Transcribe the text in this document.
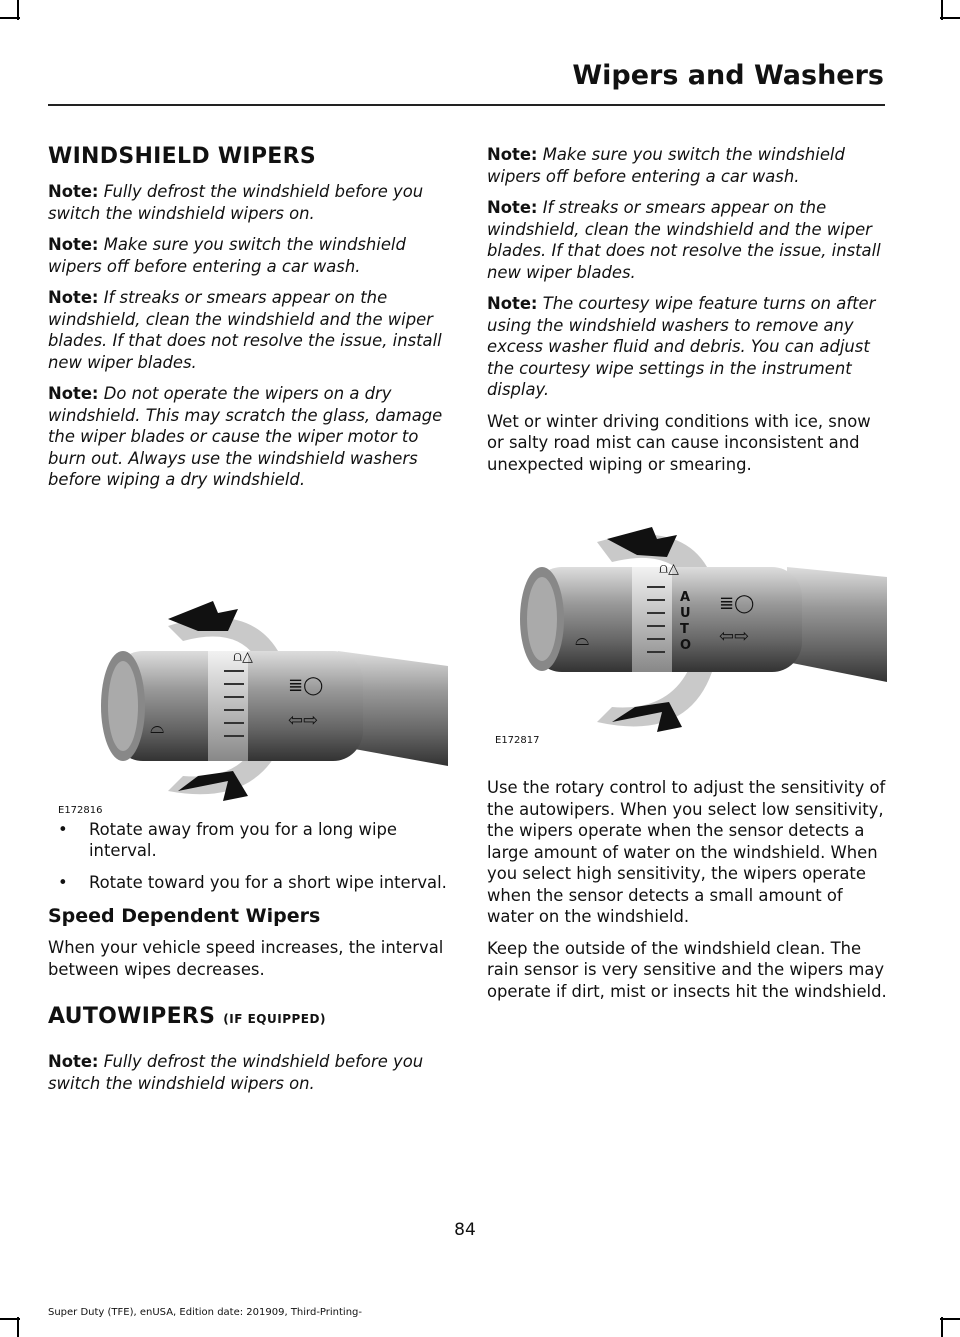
Wipers and Washers
WINDSHIELD WIPERS

Note: Fully defrost the windshield before you switch the windshield wipers on.

Note: Make sure you switch the windshield wipers off before entering a car wash.

Note: If streaks or smears appear on the windshield, clean the windshield and the wiper blades. If that does not resolve the issue, install new wiper blades.

Note: Do not operate the wipers on a dry windshield. This may scratch the glass, damage the wiper blades or cause the wiper motor to burn out. Always use the windshield washers before wiping a dry windshield.

⌓
≣◯
⇦⇨
⩍△
E172816
• Rotate away from you for a long wipe interval.
• Rotate toward you for a short wipe interval.
Speed Dependent Wipers

When your vehicle speed increases, the interval between wipes decreases.

AUTOWIPERS (IF EQUIPPED)

Note: Fully defrost the windshield before you switch the windshield wipers on.

Note: Make sure you switch the windshield wipers off before entering a car wash.

Note: If streaks or smears appear on the windshield, clean the windshield and the wiper blades. If that does not resolve the issue, install new wiper blades.

Note: The courtesy wipe feature turns on after using the windshield washers to remove any excess washer fluid and debris. You can adjust the courtesy wipe settings in the instrument display.

Wet or winter driving conditions with ice, snow or salty road mist can cause inconsistent and unexpected wiping or smearing.

⌓
⩍△
A
U
T
O
≣◯
⇦⇨
E172817

Use the rotary control to adjust the sensitivity of the autowipers. When you select low sensitivity, the wipers operate when the sensor detects a large amount of water on the windshield. When you select high sensitivity, the wipers operate when the sensor detects a small amount of water on the windshield.

Keep the outside of the windshield clean. The rain sensor is very sensitive and the wipers may operate if dirt, mist or insects hit the windshield.

84
Super Duty (TFE), enUSA, Edition date: 201909, Third-Printing-
